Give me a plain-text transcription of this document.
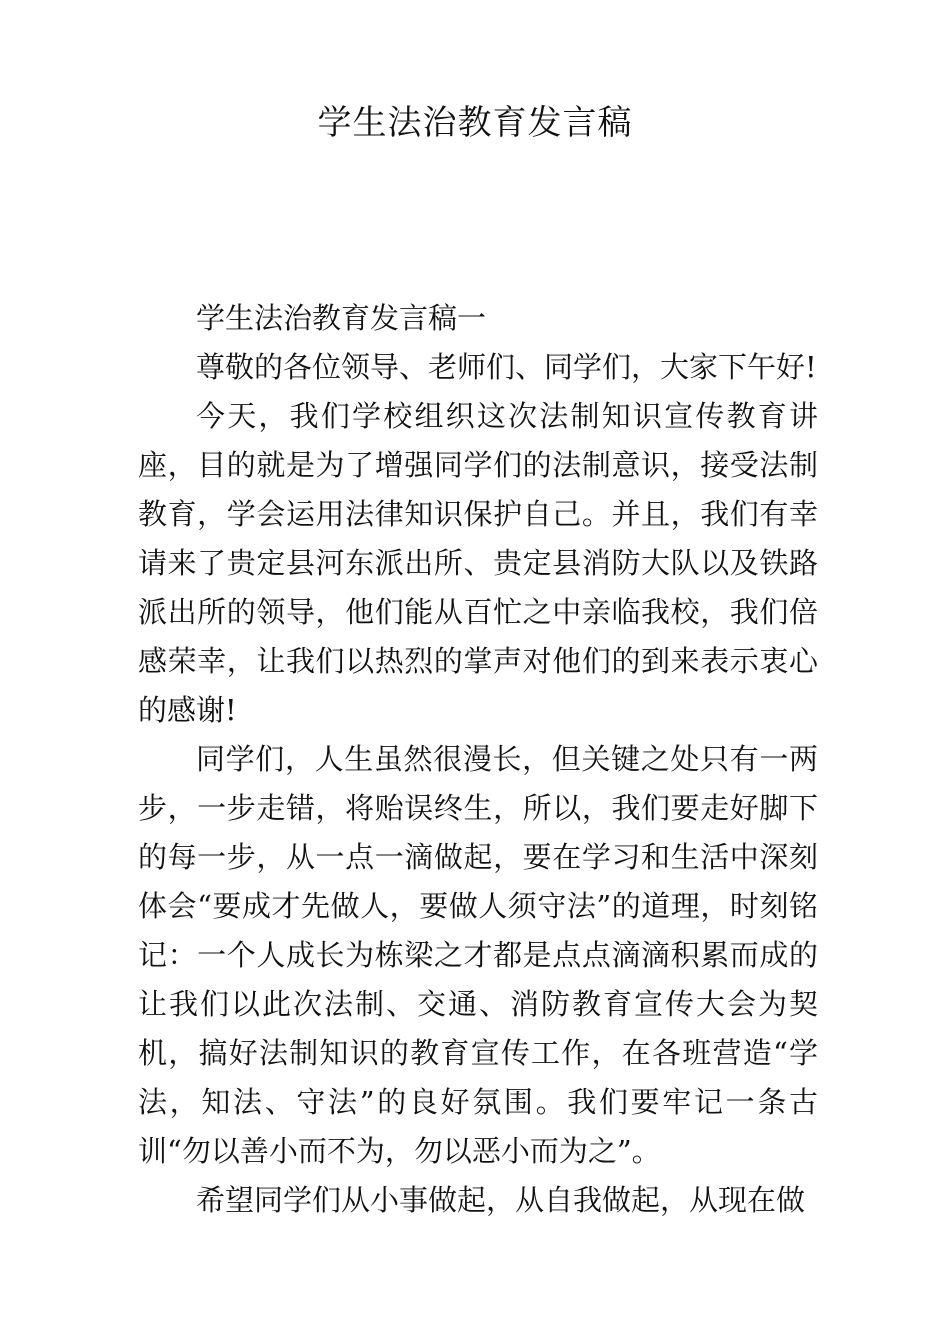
学生法治教育发言稿

学生法治教育发言稿一

尊敬的各位领导、老师们、同学们，大家下午好!

今天，我们学校组织这次法制知识宣传教育讲座，目的就是为了增强同学们的法制意识，接受法制教育，学会运用法律知识保护自己。并且，我们有幸请来了贵定县河东派出所、贵定县消防大队以及铁路派出所的领导，他们能从百忙之中亲临我校，我们倍感荣幸，让我们以热烈的掌声对他们的到来表示衷心的感谢!

同学们，人生虽然很漫长，但关键之处只有一两步，一步走错，将贻误终生，所以，我们要走好脚下的每一步，从一点一滴做起，要在学习和生活中深刻体会“要成才先做人，要做人须守法”的道理，时刻铭记：一个人成长为栋梁之才都是点点滴滴积累而成的让我们以此次法制、交通、消防教育宣传大会为契机，搞好法制知识的教育宣传工作，在各班营造“学法，知法、守法”的良好氛围。我们要牢记一条古训“勿以善小而不为，勿以恶小而为之”。

希望同学们从小事做起，从自我做起，从现在做
